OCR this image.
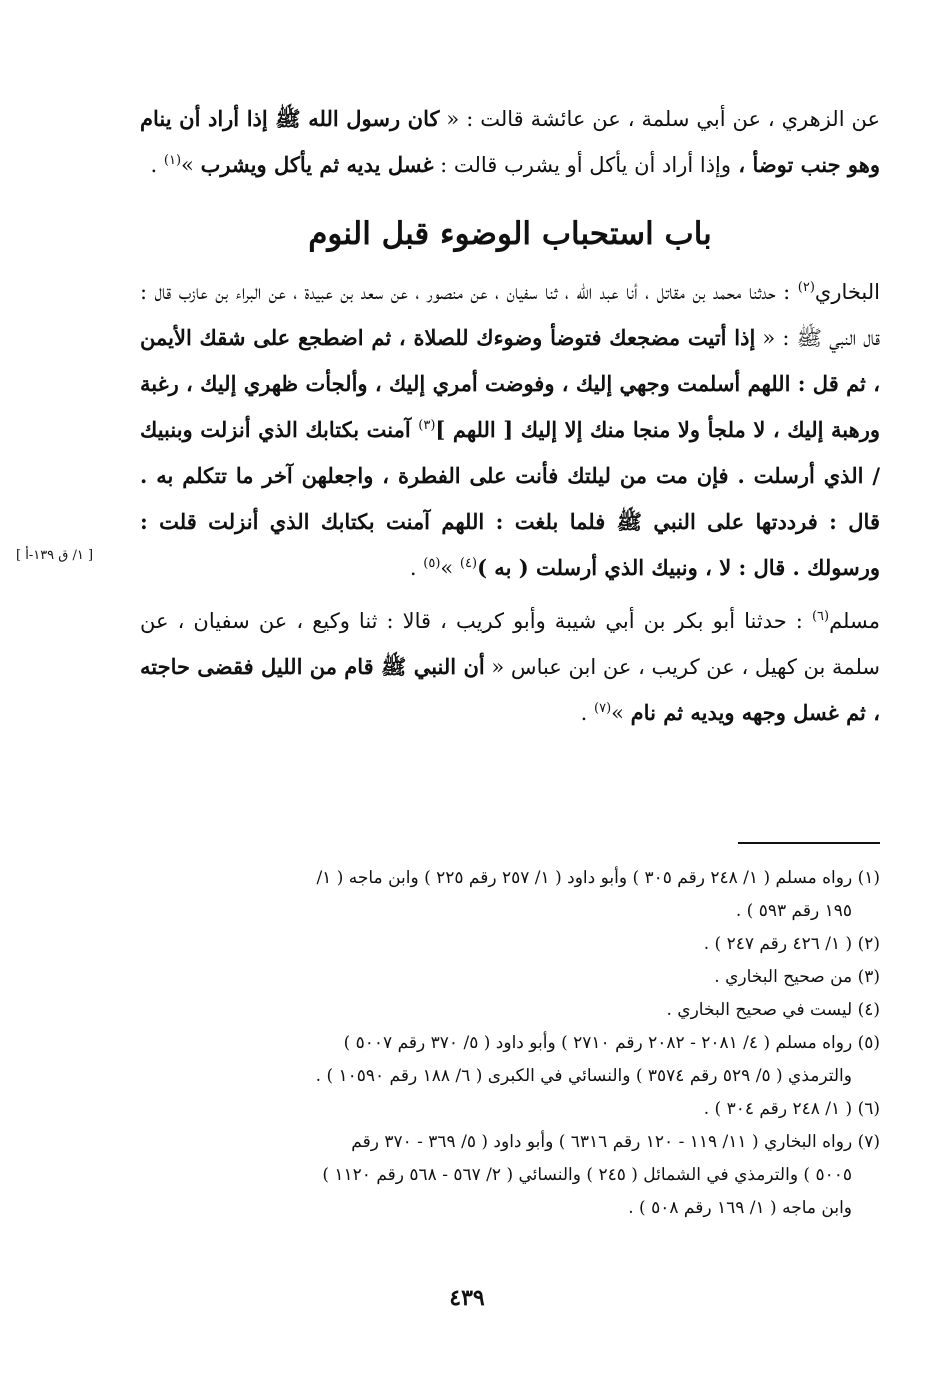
عن الزهري ، عن أبي سلمة ، عن عائشة قالت : « كان رسول الله ﷺ إذا أراد أن ينام وهو جنب توضأ ، وإذا أراد أن يأكل أو يشرب قالت : غسل يديه ثم يأكل ويشرب »$^{(١)}$ .

باب استحباب الوضوء قبل النوم

البخاري$^{(٢)}$ : حدثنا محمد بن مقاتل ، أنا عبد الله ، ثنا سفيان ، عن منصور ، عن سعد بن عبيدة ، عن البراء بن عازب قال : قال النبي ﷺ : « إذا أتيت مضجعك فتوضأ وضوءك للصلاة ، ثم اضطجع على شقك الأيمن ، ثم قل : اللهم أسلمت وجهي إليك ، وفوضت أمري إليك ، وألجأت ظهري إليك ، رغبة ورهبة إليك ، لا ملجأ ولا منجا منك إلا إليك [ اللهم ]$^{(٣)}$ آمنت بكتابك الذي أنزلت وبنبيك / الذي أرسلت . فإن مت من ليلتك فأنت على الفطرة ، واجعلهن آخر ما تتكلم به . قال : فرددتها على النبي ﷺ فلما بلغت : اللهم آمنت بكتابك الذي أنزلت قلت : ورسولك . قال : لا ، ونبيك الذي أرسلت ( به )$^{(٤)}$ »$^{(٥)}$ .

مسلم$^{(٦)}$ : حدثنا أبو بكر بن أبي شيبة وأبو كريب ، قالا : ثنا وكيع ، عن سفيان ، عن سلمة بن كهيل ، عن كريب ، عن ابن عباس « أن النبي ﷺ قام من الليل فقضى حاجته ، ثم غسل وجهه ويديه ثم نام »$^{(٧)}$ .

[ ١/ ق ١٣٩-أ ]

(١) رواه مسلم ( ١/ ٢٤٨ رقم ٣٠٥ ) وأبو داود ( ١/ ٢٥٧ رقم ٢٢٥ ) وابن ماجه ( ١/
١٩٥ رقم ٥٩٣ ) .

(٢) ( ١/ ٤٢٦ رقم ٢٤٧ ) .

(٣) من صحيح البخاري .

(٤) ليست في صحيح البخاري .

(٥) رواه مسلم ( ٤/ ٢٠٨١ - ٢٠٨٢ رقم ٢٧١٠ ) وأبو داود ( ٥/ ٣٧٠ رقم ٥٠٠٧ )
والترمذي ( ٥/ ٥٢٩ رقم ٣٥٧٤ ) والنسائي في الكبرى ( ٦/ ١٨٨ رقم ١٠٥٩٠ ) .

(٦) ( ١/ ٢٤٨ رقم ٣٠٤ ) .

(٧) رواه البخاري ( ١١/ ١١٩ - ١٢٠ رقم ٦٣١٦ ) وأبو داود ( ٥/ ٣٦٩ - ٣٧٠ رقم
٥٠٠٥ ) والترمذي في الشمائل ( ٢٤٥ ) والنسائي ( ٢/ ٥٦٧ - ٥٦٨ رقم ١١٢٠ )
وابن ماجه ( ١/ ١٦٩ رقم ٥٠٨ ) .

٤٣٩
